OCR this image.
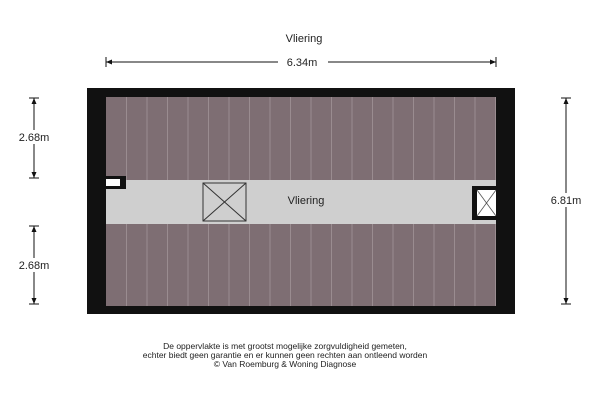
Vliering
6.34m
2.68m
2.68m
6.81m
Vliering
De oppervlakte is met grootst mogelijke zorgvuldigheid gemeten,
echter biedt geen garantie en er kunnen geen rechten aan ontleend worden
© Van Roemburg & Woning Diagnose
